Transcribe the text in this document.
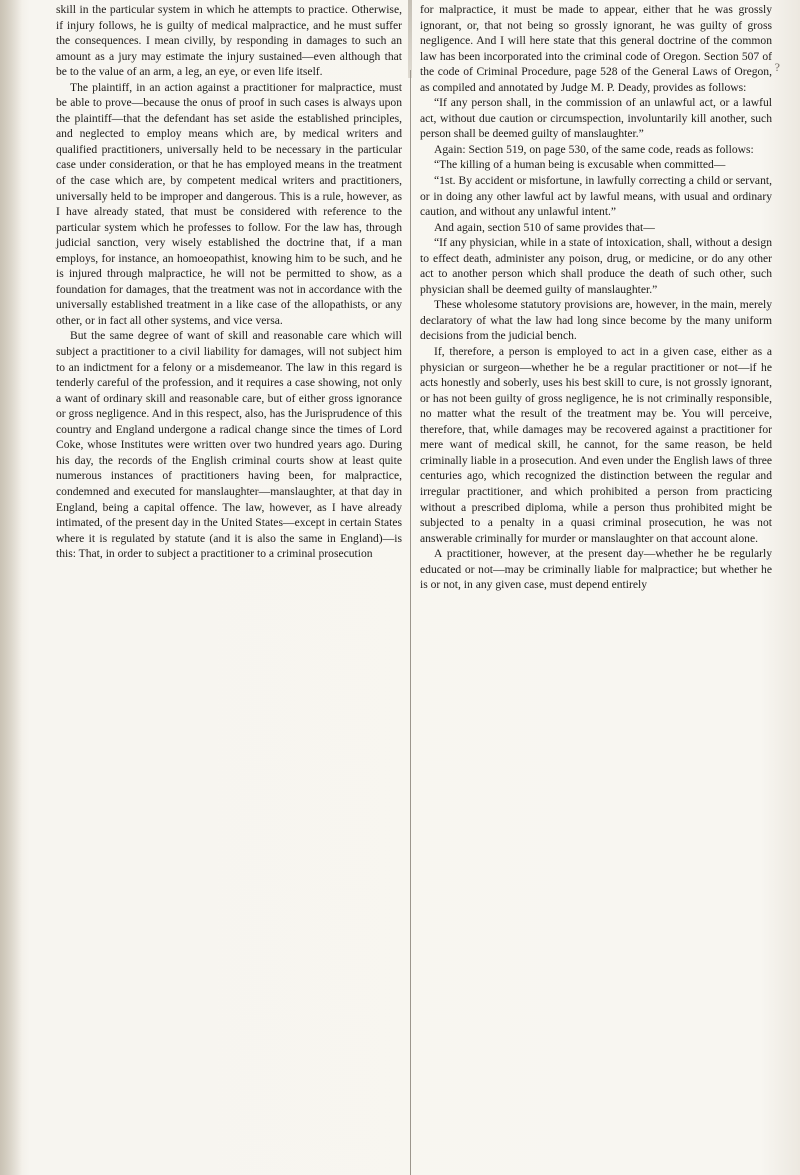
?

skill in the particular system in which he attempts to practice. Otherwise, if injury follows, he is guilty of medical malpractice, and he must suffer the consequences. I mean civilly, by responding in damages to such an amount as a jury may estimate the injury sustained—even although that be to the value of an arm, a leg, an eye, or even life itself.

The plaintiff, in an action against a practitioner for malpractice, must be able to prove—because the onus of proof in such cases is always upon the plaintiff—that the defendant has set aside the established principles, and neglected to employ means which are, by medical writers and qualified practitioners, universally held to be necessary in the particular case under consideration, or that he has employed means in the treatment of the case which are, by competent medical writers and practitioners, universally held to be improper and dangerous. This is a rule, however, as I have already stated, that must be considered with reference to the particular system which he professes to follow. For the law has, through judicial sanction, very wisely established the doctrine that, if a man employs, for instance, an homoeopathist, knowing him to be such, and he is injured through malpractice, he will not be permitted to show, as a foundation for damages, that the treatment was not in accordance with the universally established treatment in a like case of the allopathists, or any other, or in fact all other systems, and vice versa.

But the same degree of want of skill and reasonable care which will subject a practitioner to a civil liability for damages, will not subject him to an indictment for a felony or a misdemeanor. The law in this regard is tenderly careful of the profession, and it requires a case showing, not only a want of ordinary skill and reasonable care, but of either gross ignorance or gross negligence. And in this respect, also, has the Jurisprudence of this country and England undergone a radical change since the times of Lord Coke, whose Institutes were written over two hundred years ago. During his day, the records of the English criminal courts show at least quite numerous instances of practitioners having been, for malpractice, condemned and executed for manslaughter—manslaughter, at that day in England, being a capital offence. The law, however, as I have already intimated, of the present day in the United States—except in certain States where it is regulated by statute (and it is also the same in England)—is this: That, in order to subject a practitioner to a criminal prosecution

for malpractice, it must be made to appear, either that he was grossly ignorant, or, that not being so grossly ignorant, he was guilty of gross negligence. And I will here state that this general doctrine of the common law has been incorporated into the criminal code of Oregon. Section 507 of the code of Criminal Procedure, page 528 of the General Laws of Oregon, as compiled and annotated by Judge M. P. Deady, provides as follows:

“If any person shall, in the commission of an unlawful act, or a lawful act, without due caution or circumspection, involuntarily kill another, such person shall be deemed guilty of manslaughter.”

Again: Section 519, on page 530, of the same code, reads as follows:

“The killing of a human being is excusable when committed—

“1st. By accident or misfortune, in lawfully correcting a child or servant, or in doing any other lawful act by lawful means, with usual and ordinary caution, and without any unlawful intent.”

And again, section 510 of same provides that—

“If any physician, while in a state of intoxication, shall, without a design to effect death, administer any poison, drug, or medicine, or do any other act to another person which shall produce the death of such other, such physician shall be deemed guilty of manslaughter.”

These wholesome statutory provisions are, however, in the main, merely declaratory of what the law had long since become by the many uniform decisions from the judicial bench.

If, therefore, a person is employed to act in a given case, either as a physician or surgeon—whether he be a regular practitioner or not—if he acts honestly and soberly, uses his best skill to cure, is not grossly ignorant, or has not been guilty of gross negligence, he is not criminally responsible, no matter what the result of the treatment may be. You will perceive, therefore, that, while damages may be recovered against a practitioner for mere want of medical skill, he cannot, for the same reason, be held criminally liable in a prosecution. And even under the English laws of three centuries ago, which recognized the distinction between the regular and irregular practitioner, and which prohibited a person from practicing without a prescribed diploma, while a person thus prohibited might be subjected to a penalty in a quasi criminal prosecution, he was not answerable criminally for murder or manslaughter on that account alone.

A practitioner, however, at the present day—whether he be regularly educated or not—may be criminally liable for malpractice; but whether he is or not, in any given case, must depend entirely
